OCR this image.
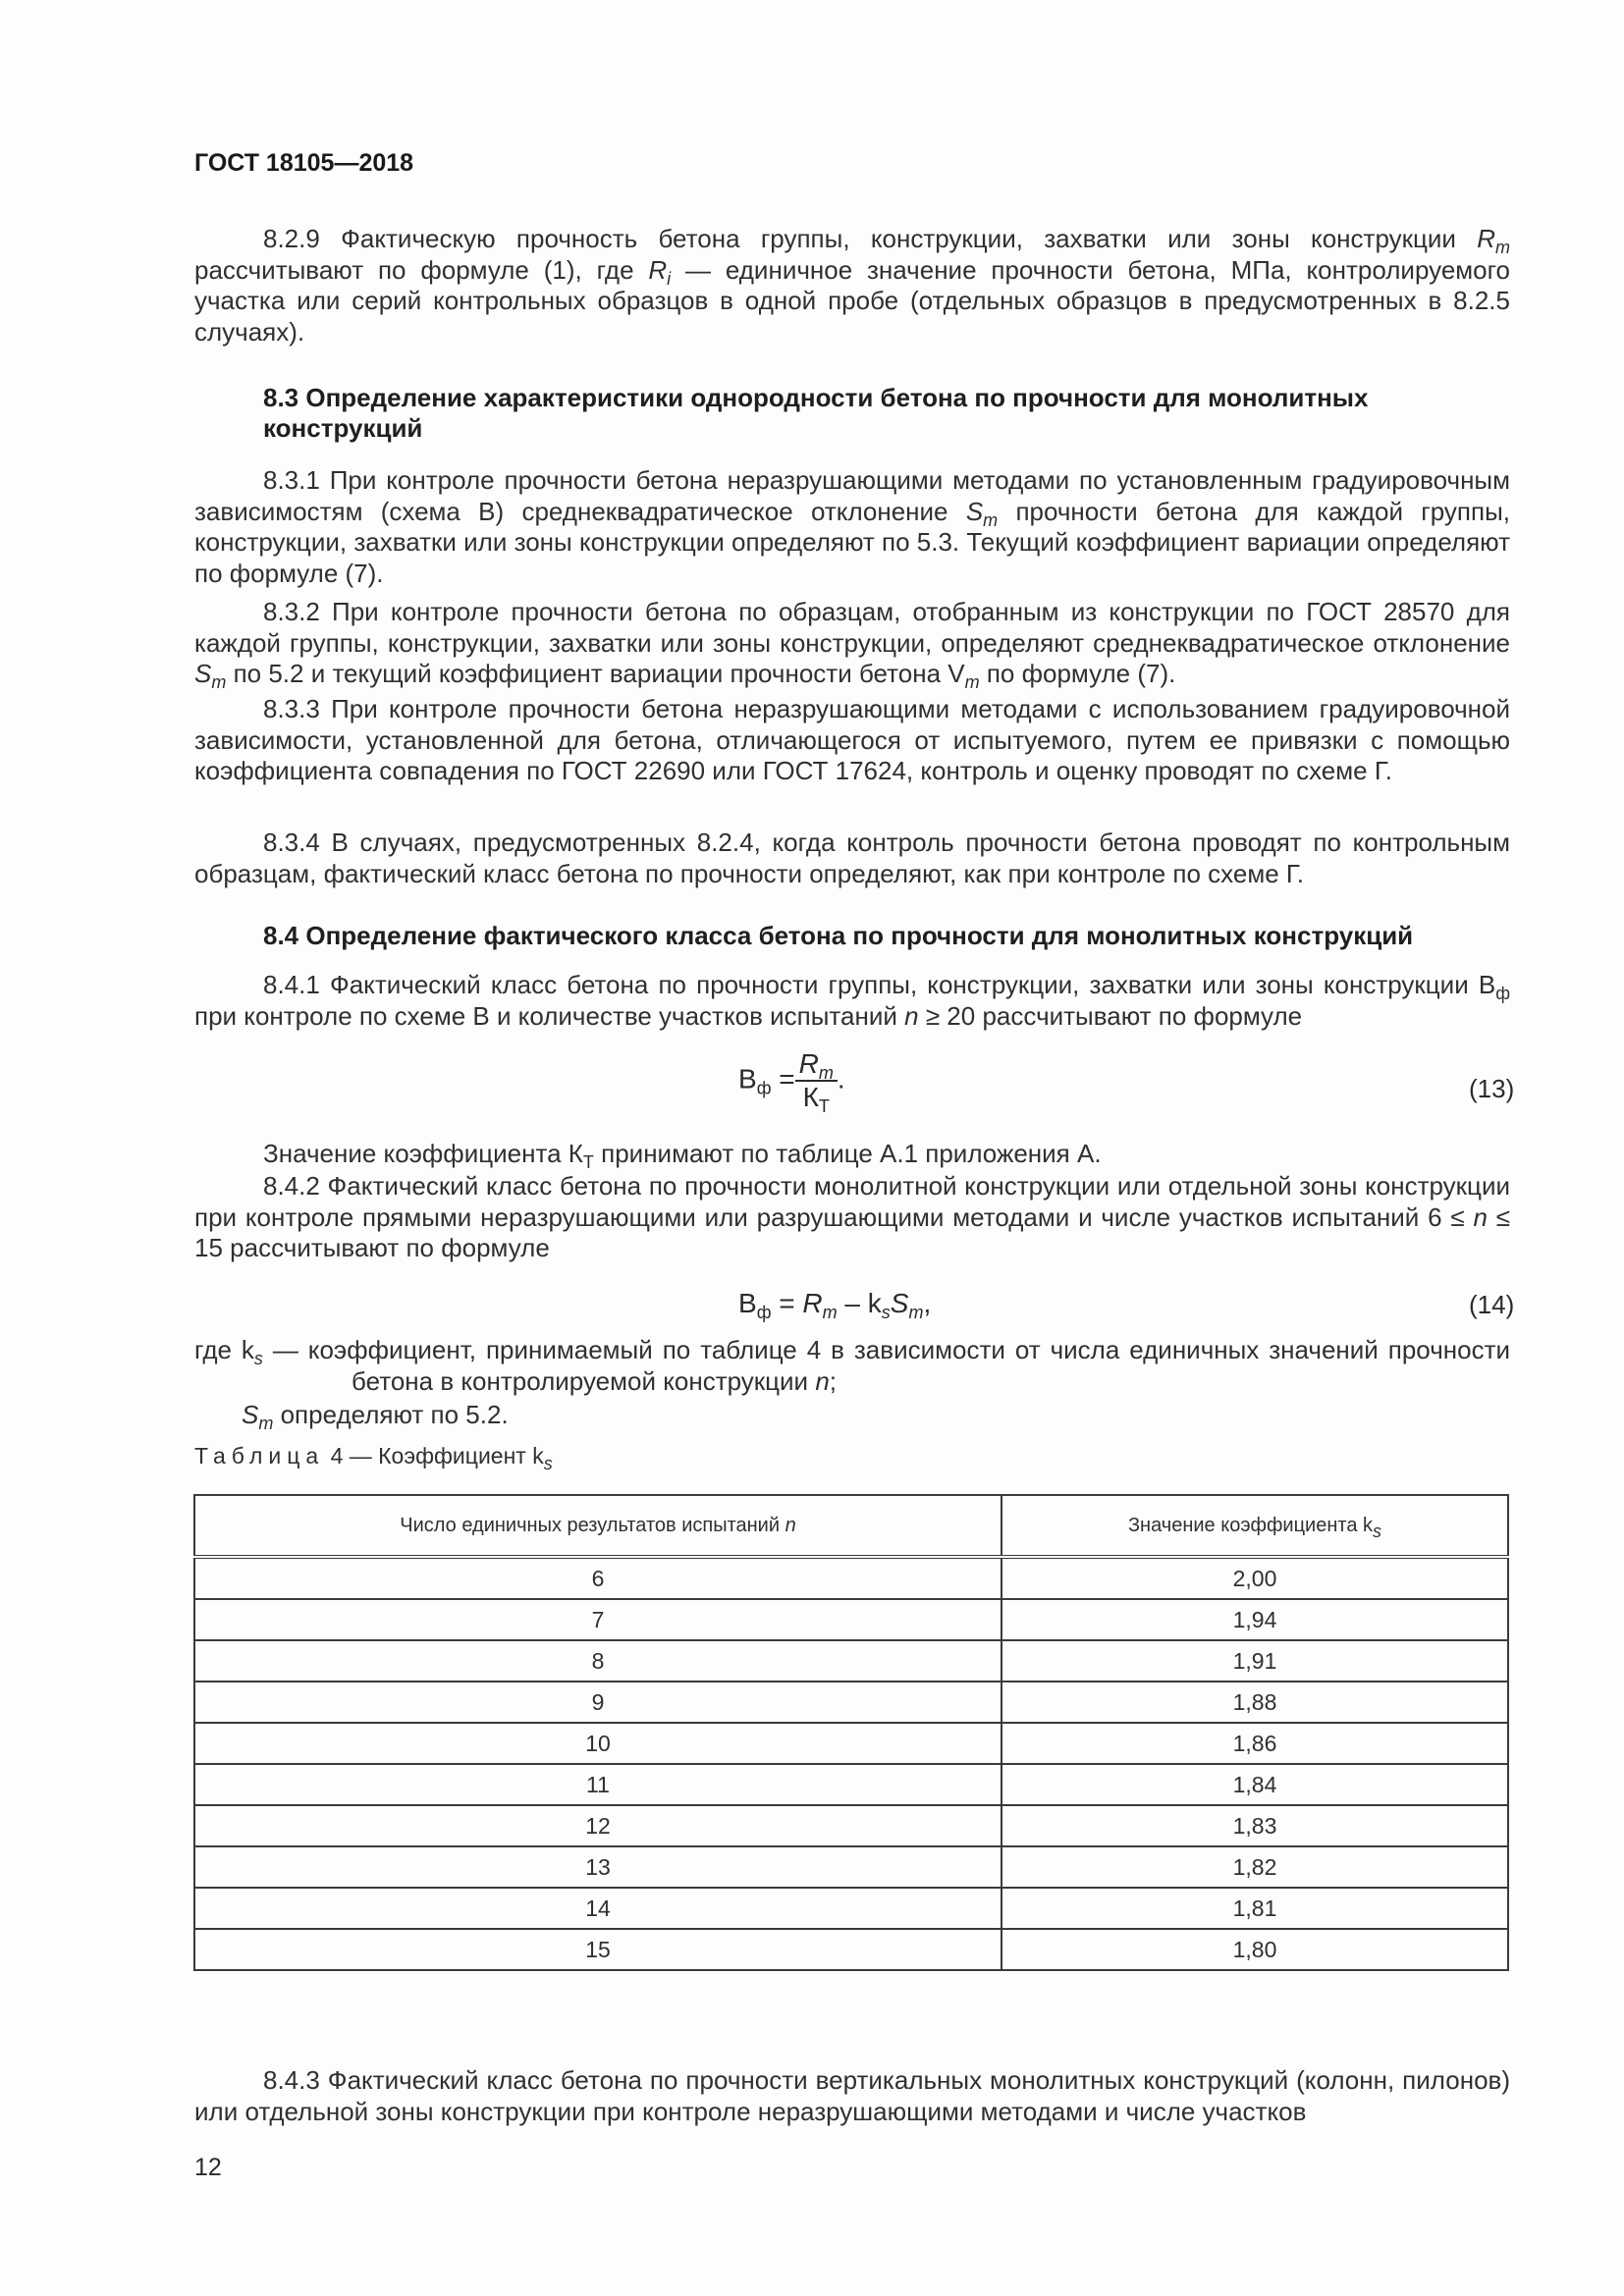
ГОСТ 18105—2018
8.2.9 Фактическую прочность бетона группы, конструкции, захватки или зоны конструкции $R_m$ рассчитывают по формуле (1), где $R_i$ — единичное значение прочности бетона, МПа, контролируемого участка или серий контрольных образцов в одной пробе (отдельных образцов в предусмотренных в 8.2.5 случаях).
8.3 Определение характеристики однородности бетона по прочности для монолитных конструкций
8.3.1 При контроле прочности бетона неразрушающими методами по установленным градуировочным зависимостям (схема В) среднеквадратическое отклонение $S_m$ прочности бетона для каждой группы, конструкции, захватки или зоны конструкции определяют по 5.3. Текущий коэффициент вариации определяют по формуле (7).
8.3.2 При контроле прочности бетона по образцам, отобранным из конструкции по ГОСТ 28570 для каждой группы, конструкции, захватки или зоны конструкции, определяют среднеквадратическое отклонение $S_m$ по 5.2 и текущий коэффициент вариации прочности бетона $V_m$ по формуле (7).
8.3.3 При контроле прочности бетона неразрушающими методами с использованием градуировочной зависимости, установленной для бетона, отличающегося от испытуемого, путем ее привязки с помощью коэффициента совпадения по ГОСТ 22690 или ГОСТ 17624, контроль и оценку проводят по схеме Г.
8.3.4 В случаях, предусмотренных 8.2.4, когда контроль прочности бетона проводят по контрольным образцам, фактический класс бетона по прочности определяют, как при контроле по схеме Г.
8.4 Определение фактического класса бетона по прочности для монолитных конструкций
8.4.1 Фактический класс бетона по прочности группы, конструкции, захватки или зоны конструкции $В_ф$ при контроле по схеме В и количестве участков испытаний n ≥ 20 рассчитывают по формуле
$В_ф = \frac{R_m}{К_Т}$ .	(13)
Значение коэффициента $К_Т$ принимают по таблице А.1 приложения А.
8.4.2 Фактический класс бетона по прочности монолитной конструкции или отдельной зоны конструкции при контроле прямыми неразрушающими или разрушающими методами и числе участков испытаний 6 ≤ n ≤ 15 рассчитывают по формуле
$В_ф = R_m - k_sS_m$,	(14)
где $k_s$ — коэффициент, принимаемый по таблице 4 в зависимости от числа единичных значений прочности бетона в контролируемой конструкции n;
$S_m$ определяют по 5.2.
Таблица 4 — Коэффициент $k_s$
Число единичных результатов испытаний n	Значение коэффициента $k_s$
6	2,00
7	1,94
8	1,91
9	1,88
10	1,86
11	1,84
12	1,83
13	1,82
14	1,81
15	1,80
8.4.3 Фактический класс бетона по прочности вертикальных монолитных конструкций (колонн, пилонов) или отдельной зоны конструкции при контроле неразрушающими методами и числе участков
12
